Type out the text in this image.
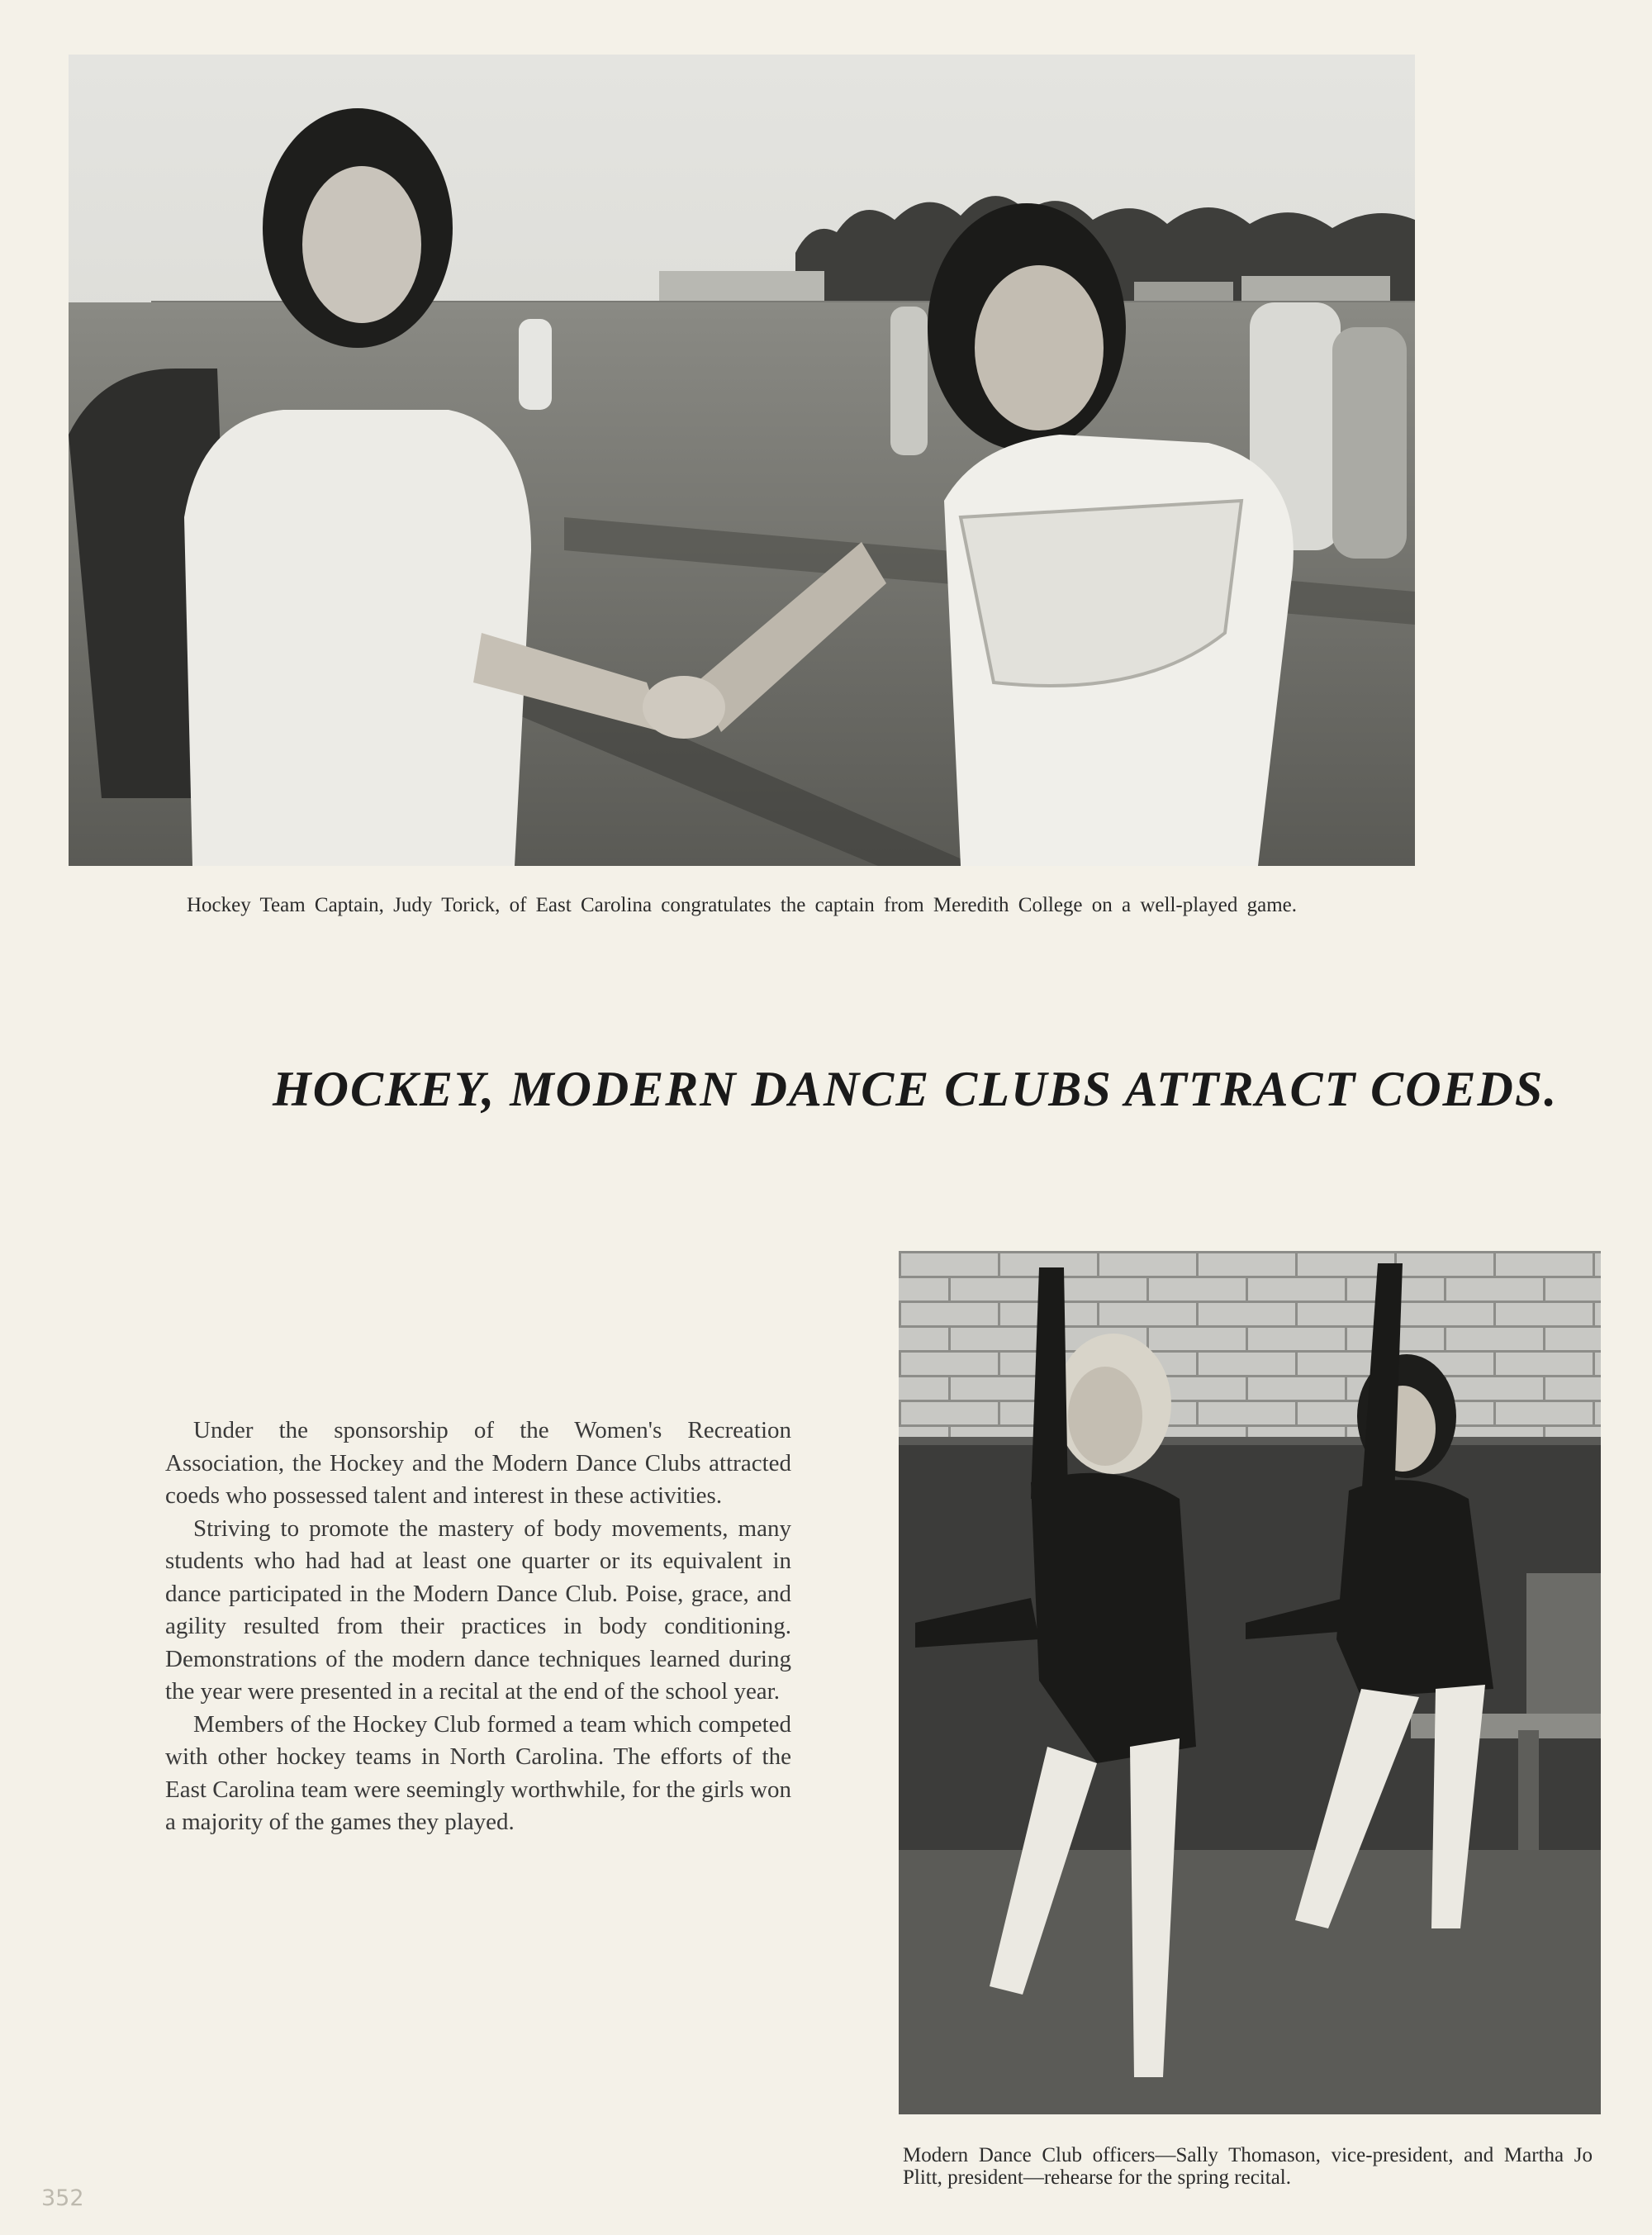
Hockey Team Captain, Judy Torick, of East Carolina congratulates the captain from Meredith College on a well-played game.
HOCKEY, MODERN DANCE CLUBS ATTRACT COEDS.

Under the sponsorship of the Women's Recreation Association, the Hockey and the Modern Dance Clubs attracted coeds who possessed talent and interest in these activities.

Striving to promote the mastery of body movements, many students who had had at least one quarter or its equivalent in dance participated in the Modern Dance Club. Poise, grace, and agility resulted from their practices in body conditioning. Demonstrations of the modern dance techniques learned during the year were presented in a recital at the end of the school year.

Members of the Hockey Club formed a team which competed with other hockey teams in North Carolina. The efforts of the East Carolina team were seemingly worthwhile, for the girls won a majority of the games they played.

Modern Dance Club officers—Sally Thomason, vice-president, and Martha Jo Plitt, president—rehearse for the spring recital.
352
